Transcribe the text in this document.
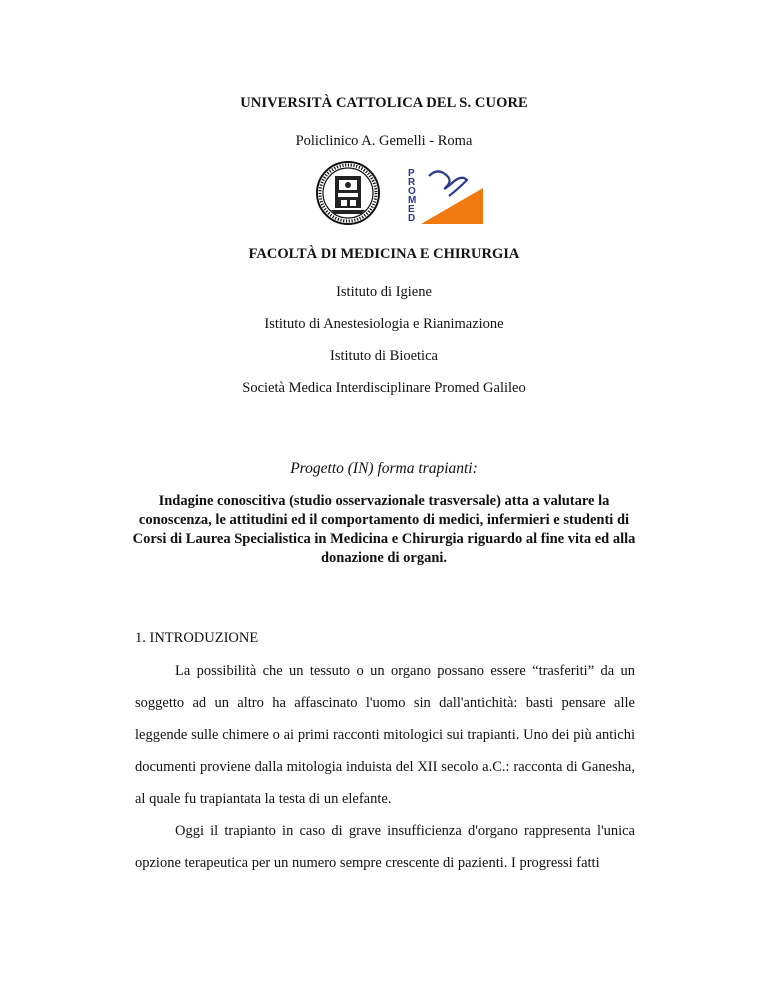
UNIVERSITÀ CATTOLICA DEL S. CUORE
Policlinico A. Gemelli - Roma
P
R
O
M
E
D
FACOLTÀ DI MEDICINA E CHIRURGIA
Istituto di Igiene
Istituto di Anestesiologia e Rianimazione
Istituto di Bioetica
Società Medica Interdisciplinare Promed Galileo
Progetto (IN) forma trapianti:
Indagine conoscitiva (studio osservazionale trasversale) atta a valutare la conoscenza, le attitudini ed il comportamento di medici, infermieri e studenti di Corsi di Laurea Specialistica in Medicina e Chirurgia riguardo al fine vita ed alla donazione di organi.
1. INTRODUZIONE

La possibilità che un tessuto o un organo possano essere “trasferiti” da un soggetto ad un altro ha affascinato l'uomo sin dall'antichità: basti pensare alle leggende sulle chimere o ai primi racconti mitologici sui trapianti. Uno dei più antichi documenti proviene dalla mitologia induista del XII secolo a.C.: racconta di Ganesha, al quale fu trapiantata la testa di un elefante.

Oggi il trapianto in caso di grave insufficienza d'organo rappresenta l'unica opzione terapeutica per un numero sempre crescente di pazienti. I progressi fatti
